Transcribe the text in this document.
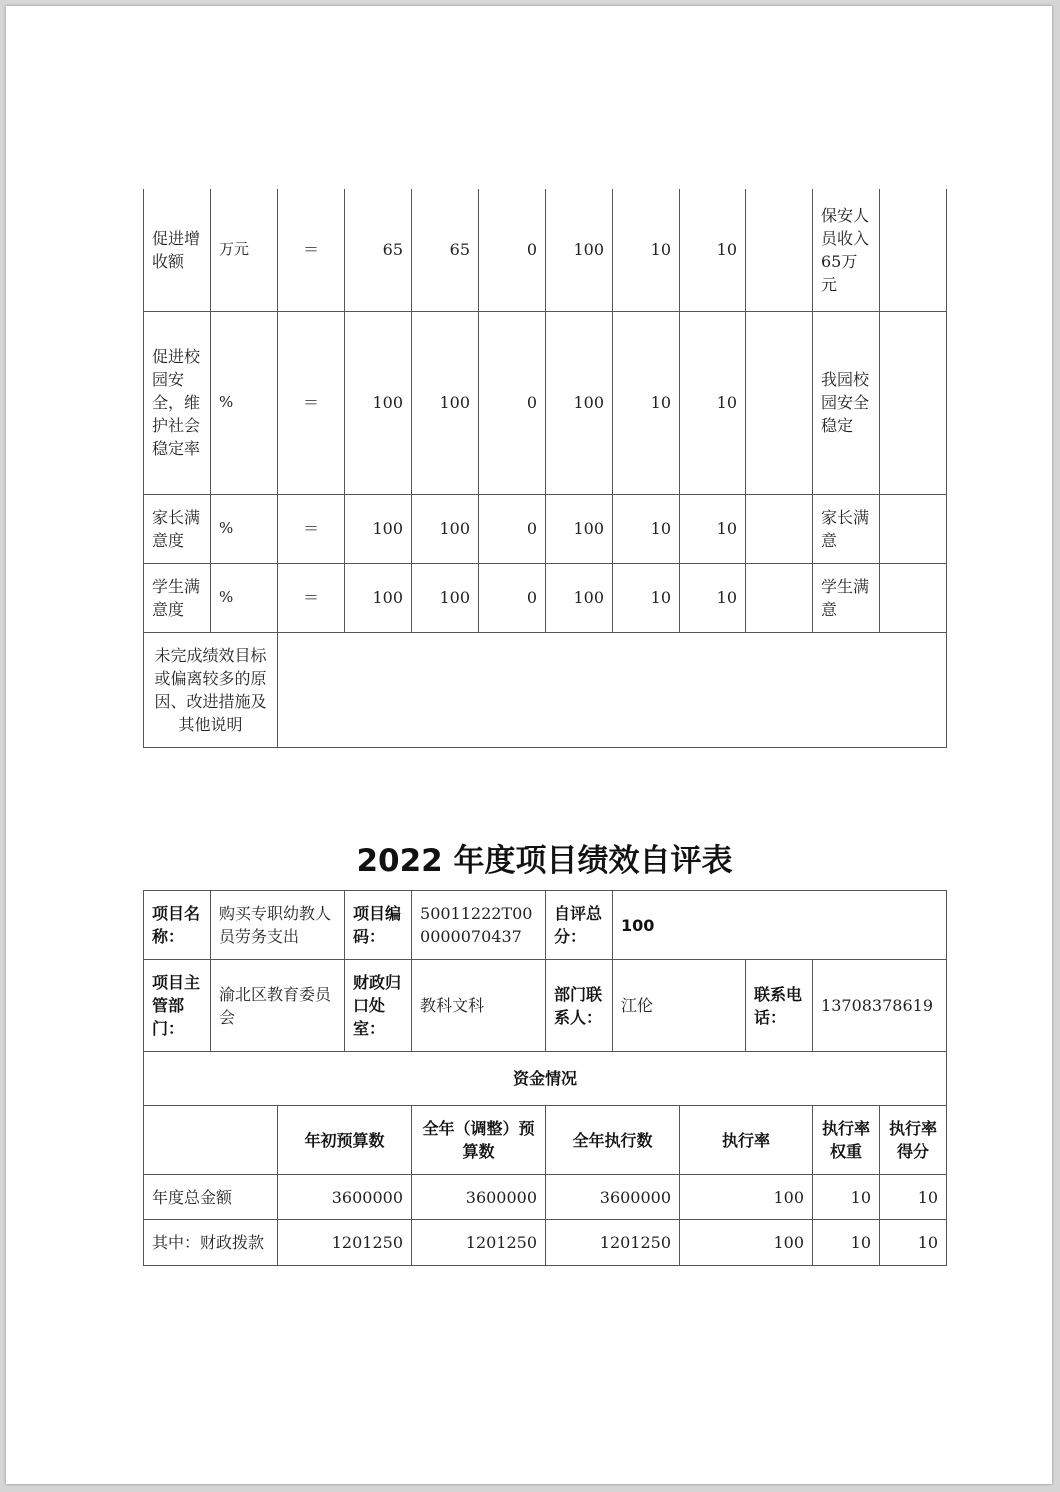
促进增收额	万元	＝	65	65	0	100	10	10		保安人员收入65万元	
促进校园安全，维护社会稳定率	%	＝	100	100	0	100	10	10		我园校园安全稳定	
家长满意度	%	＝	100	100	0	100	10	10		家长满意	
学生满意度	%	＝	100	100	0	100	10	10		学生满意	
未完成绩效目标或偏离较多的原因、改进措施及其他说明											
2022 年度项目绩效自评表
项目名称：	购买专职幼教人员劳务支出		项目编码：	50011222T000000070437	自评总分：	100				
项目主管部门：	渝北区教育委员会		财政归口处室：	教科文科	部门联系人：	江伦		联系电话：	13708378619	
资金情况										
		年初预算数		全年（调整）预算数	全年执行数		执行率		执行率权重	执行率得分
年度总金额		3600000		3600000	3600000		100		10	10
其中：财政拨款		1201250		1201250	1201250		100		10	10
